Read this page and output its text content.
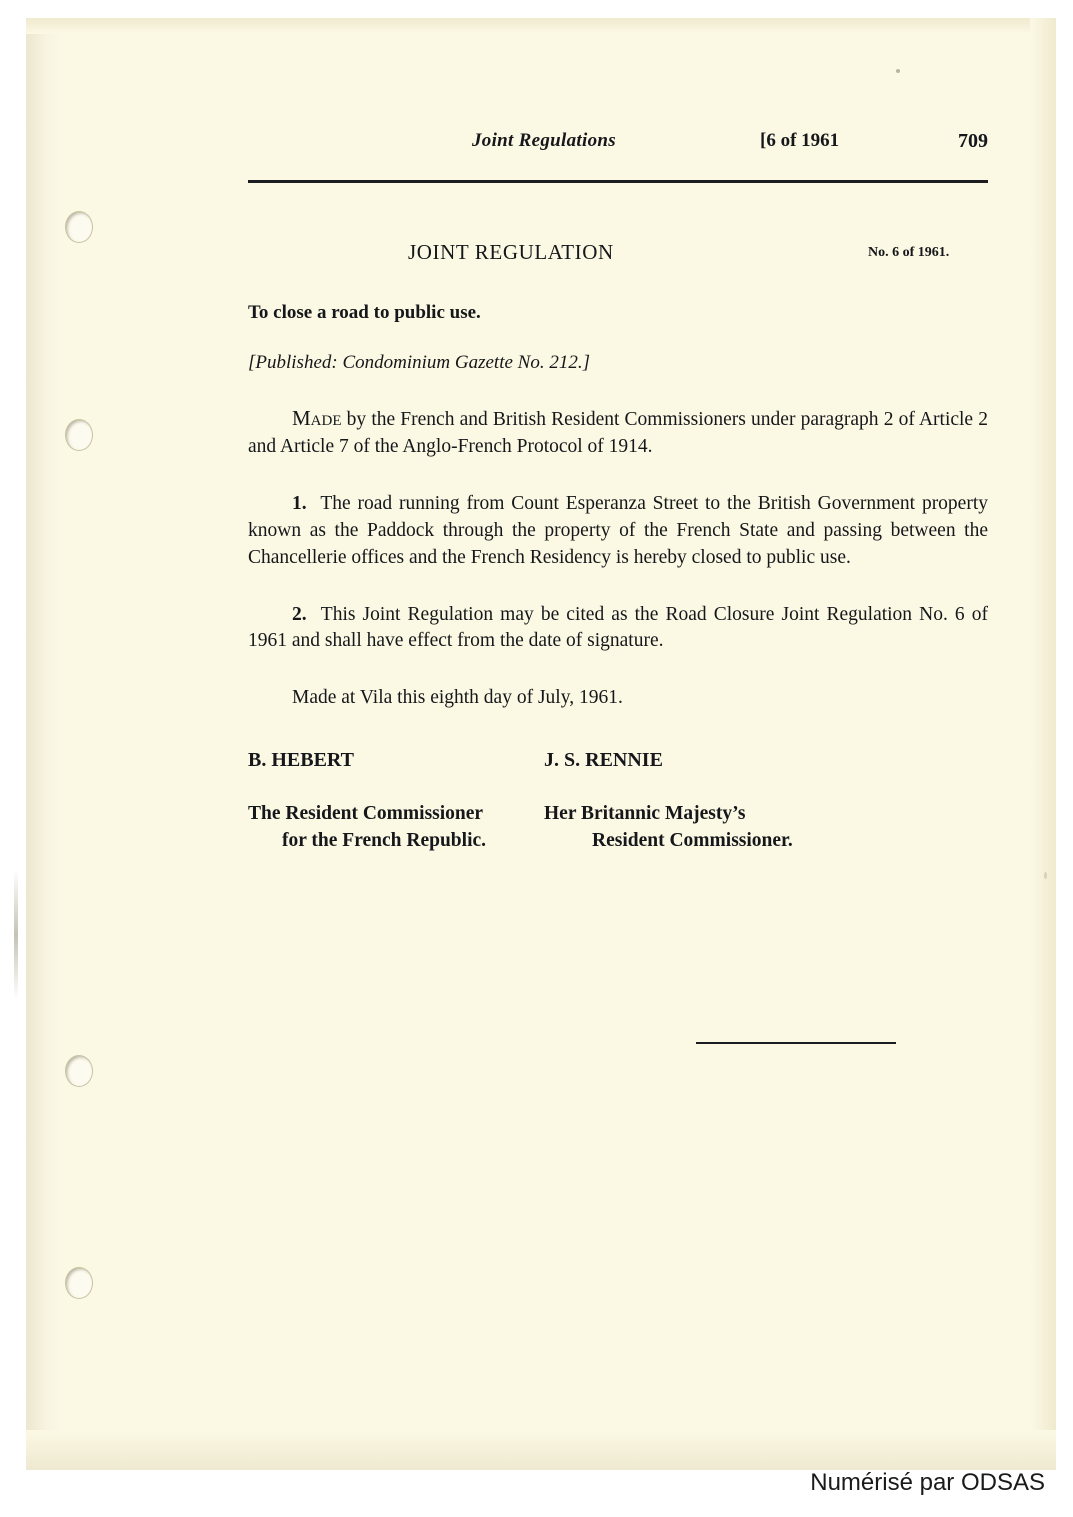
Joint Regulations	[6 of 1961	709
JOINT REGULATION	No. 6 of 1961.
To close a road to public use.
[Published: Condominium Gazette No. 212.]

Made by the French and British Resident Commissioners under paragraph 2 of Article 2 and Article 7 of the Anglo-French Protocol of 1914.

1. The road running from Count Esperanza Street to the British Government property known as the Paddock through the property of the French State and passing between the Chancellerie offices and the French Residency is hereby closed to public use.

2. This Joint Regulation may be cited as the Road Closure Joint Regulation No. 6 of 1961 and shall have effect from the date of signature.

Made at Vila this eighth day of July, 1961.

B. HEBERT	J. S. RENNIE
The Resident Commissioner
for the French Republic.
Her Britannic Majesty’s
Resident Commissioner.
Numérisé par ODSAS
